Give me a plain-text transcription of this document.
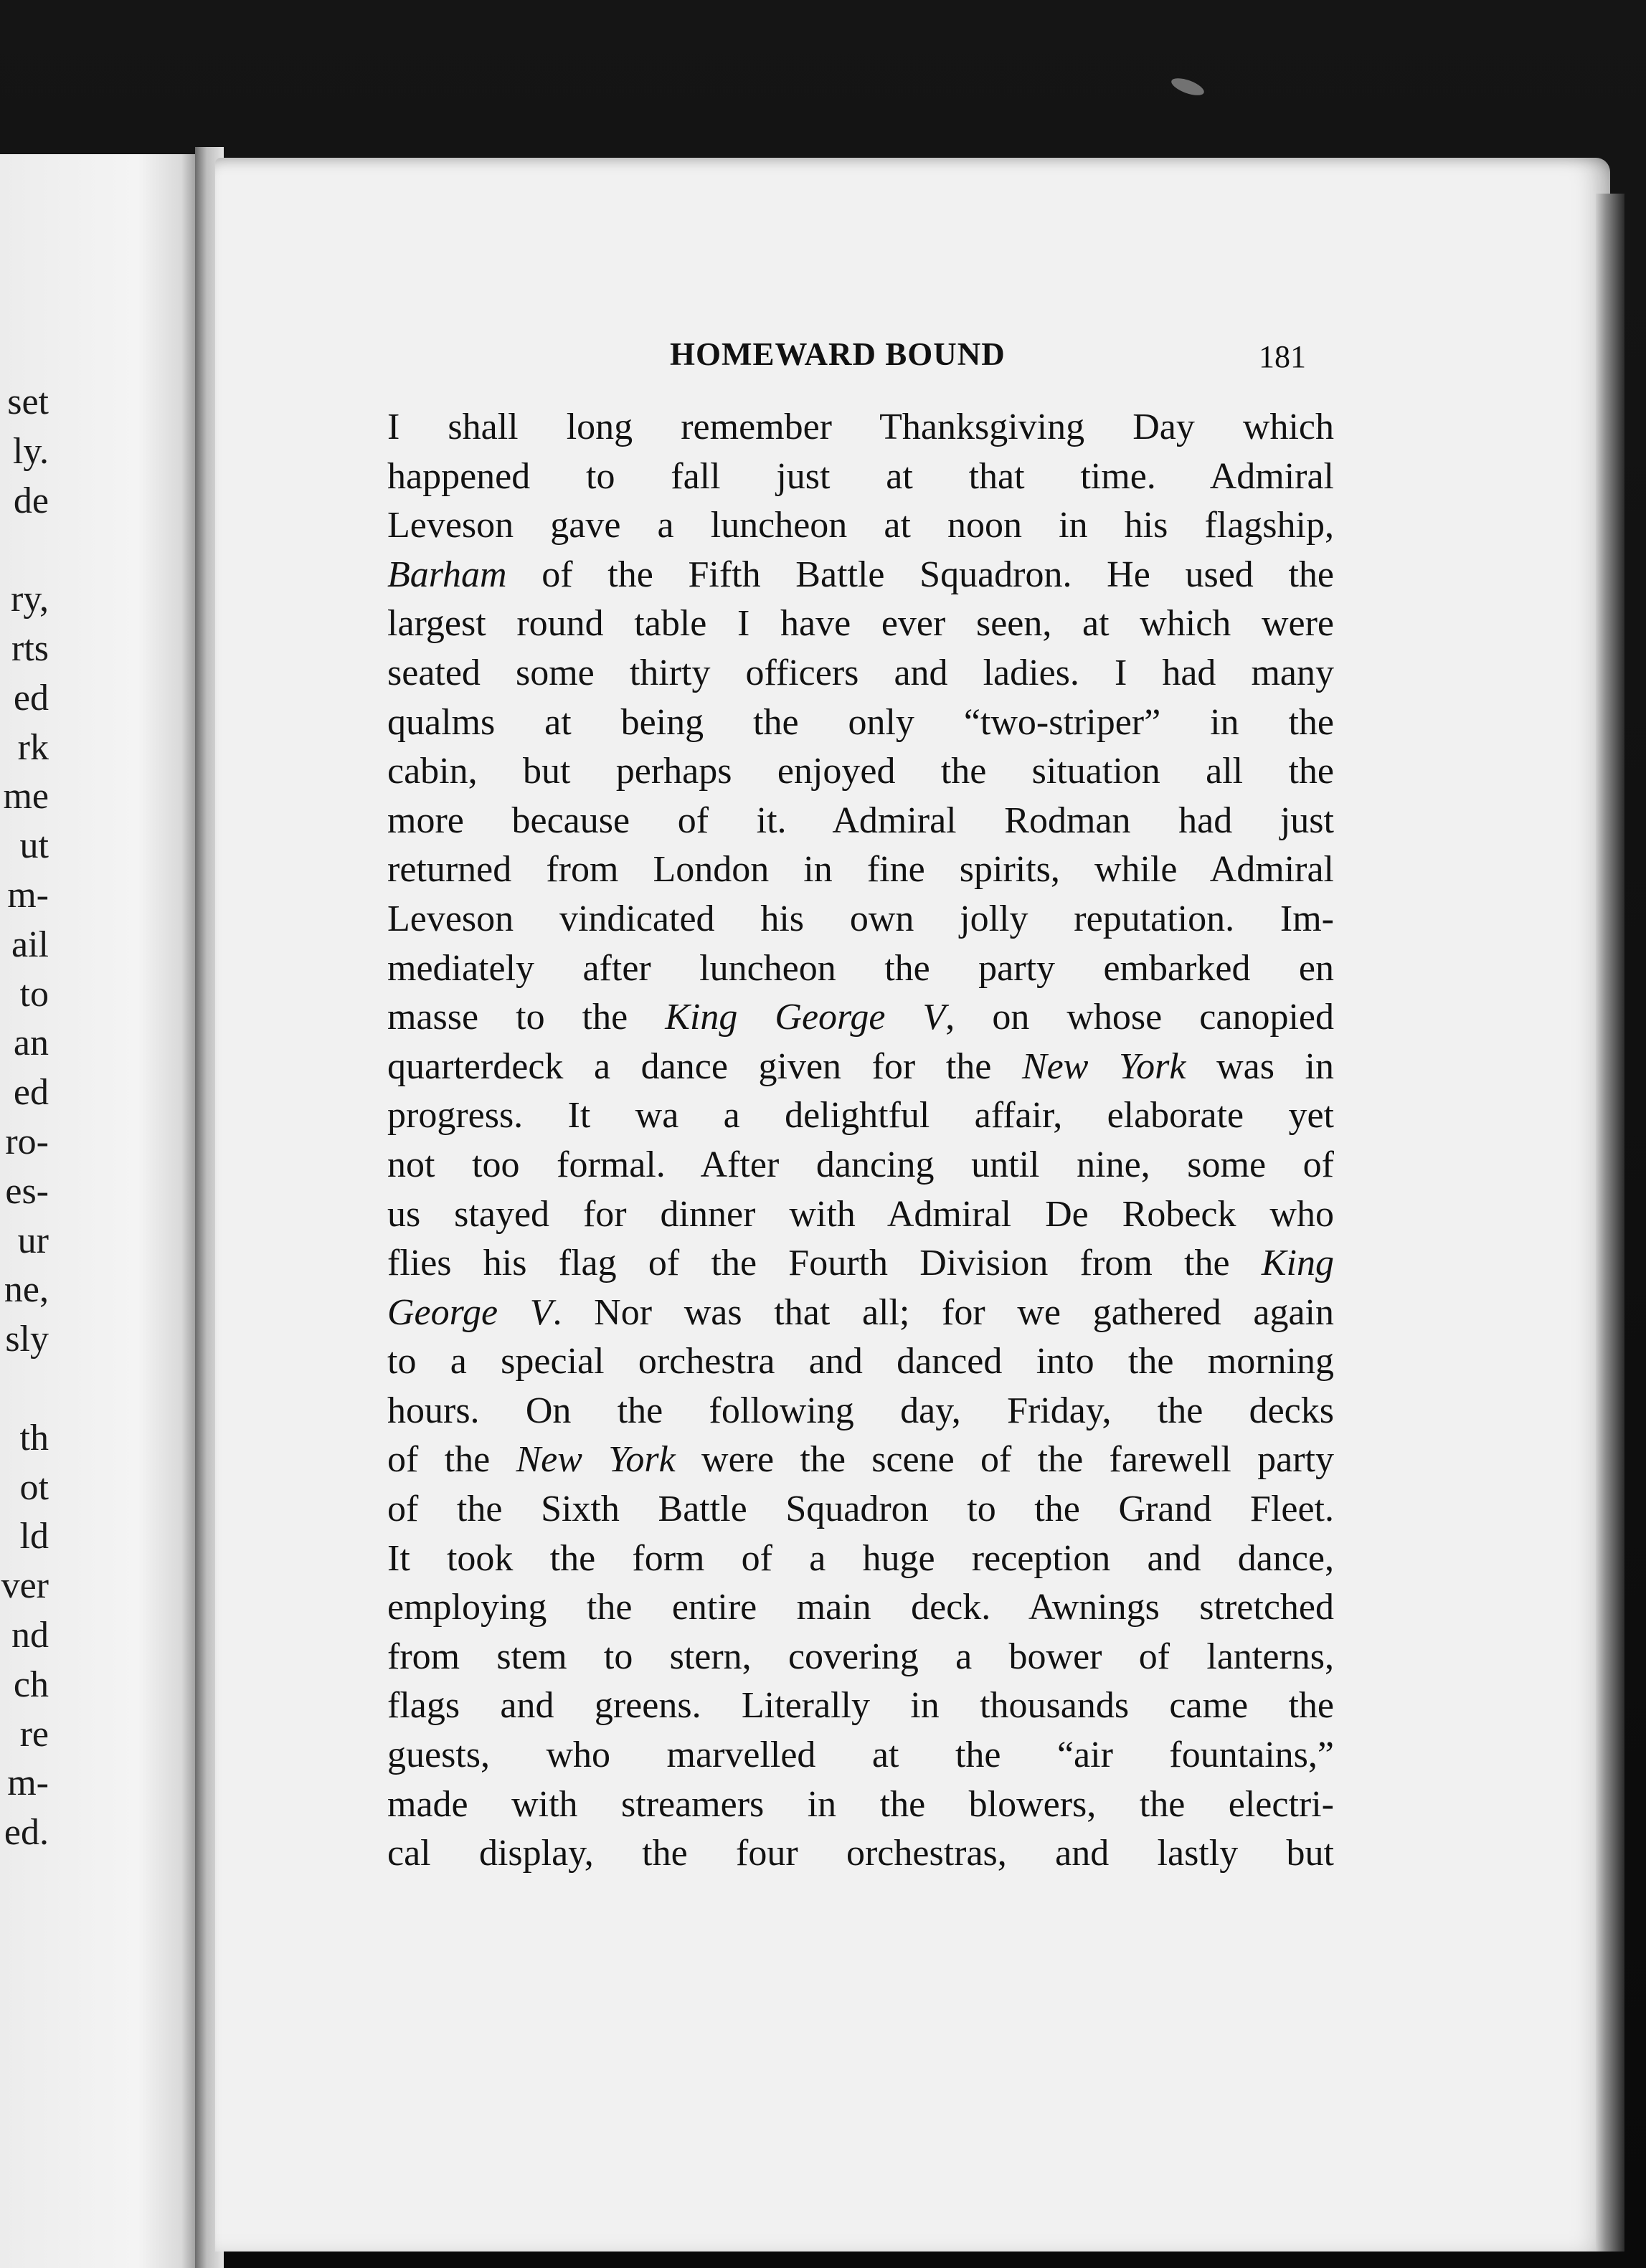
set
ly.
de
ry,
rts
ed
rk
me
ut
m-
ail
to
an
ed
ro-
es-
ur
ne,
sly
th
ot
ld
ver
nd
ch
re
m-
ed.
HOMEWARD BOUND	181
I shall long remember Thanksgiving Day which
happened to fall just at that time. Admiral
Leveson gave a luncheon at noon in his flagship,
Barham of the Fifth Battle Squadron. He used the
largest round table I have ever seen, at which were
seated some thirty officers and ladies. I had many
qualms at being the only “two-striper” in the
cabin, but perhaps enjoyed the situation all the
more because of it. Admiral Rodman had just
returned from London in fine spirits, while Admiral
Leveson vindicated his own jolly reputation. Im-
mediately after luncheon the party embarked en
masse to the King George V, on whose canopied
quarterdeck a dance given for the New York was in
progress. It wa a delightful affair, elaborate yet
not too formal. After dancing until nine, some of
us stayed for dinner with Admiral De Robeck who
flies his flag of the Fourth Division from the King
George V. Nor was that all; for we gathered again
to a special orchestra and danced into the morning
hours. On the following day, Friday, the decks
of the New York were the scene of the farewell party
of the Sixth Battle Squadron to the Grand Fleet.
It took the form of a huge reception and dance,
employing the entire main deck. Awnings stretched
from stem to stern, covering a bower of lanterns,
flags and greens. Literally in thousands came the
guests, who marvelled at the “air fountains,”
made with streamers in the blowers, the electri-
cal display, the four orchestras, and lastly but
